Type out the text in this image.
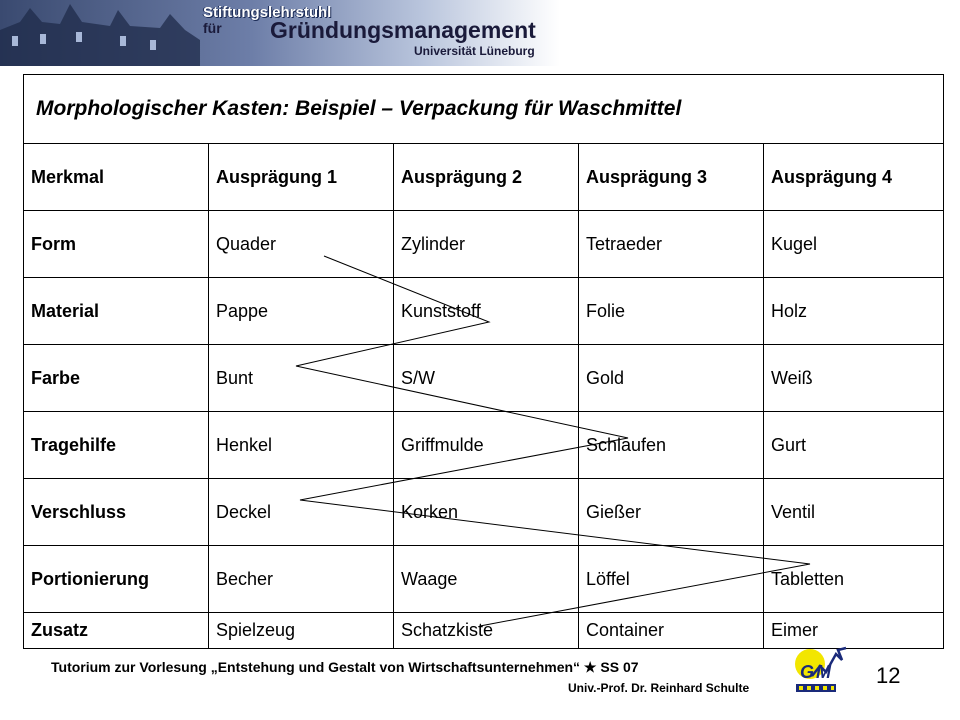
Stiftungslehrstuhl
für Gründungsmanagement
Universität Lüneburg
Morphologischer Kasten: Beispiel – Verpackung für Waschmittel				
Merkmal	Ausprägung 1	Ausprägung 2	Ausprägung 3	Ausprägung 4
Form	Quader	Zylinder	Tetraeder	Kugel
Material	Pappe	Kunststoff	Folie	Holz
Farbe	Bunt	S/W	Gold	Weiß
Tragehilfe	Henkel	Griffmulde	Schlaufen	Gurt
Verschluss	Deckel	Korken	Gießer	Ventil
Portionierung	Becher	Waage	Löffel	Tabletten
Zusatz	Spielzeug	Schatzkiste	Container	Eimer
Tutorium zur Vorlesung „Entstehung und Gestalt von Wirtschaftsunternehmen“ ★ SS 07
Univ.-Prof. Dr. Reinhard Schulte
G M 12
